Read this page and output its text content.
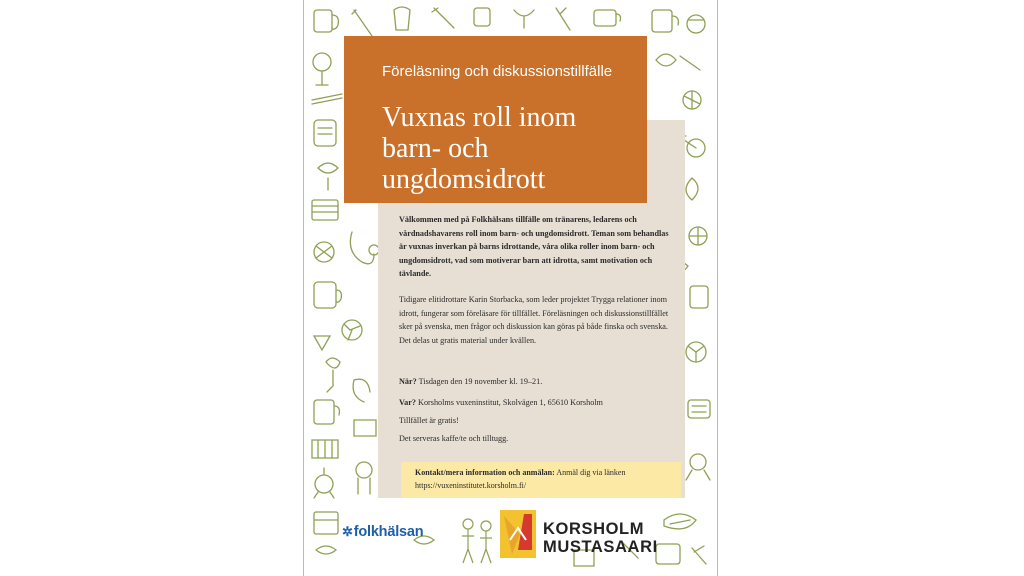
Föreläsning och diskussionstillfälle
Vuxnas roll inom barn- och ungdomsidrott
Välkommen med på Folkhälsans tillfälle om tränarens, ledarens och vårdnadshavarens roll inom barn- och ungdomsidrott. Teman som behandlas är vuxnas inverkan på barns idrottande, våra olika roller inom barn- och ungdomsidrott, vad som motiverar barn att idrotta, samt motivation och tävlande.
Tidigare elitidrottare Karin Storbacka, som leder projektet Trygga relationer inom idrott, fungerar som föreläsare för tillfället. Föreläsningen och diskussionstillfället sker på svenska, men frågor och diskussion kan göras på både finska och svenska. Det delas ut gratis material under kvällen.
När? Tisdagen den 19 november kl. 19–21.
Var? Korsholms vuxeninstitut, Skolvägen 1, 65610 Korsholm
Tillfället är gratis!
Det serveras kaffe/te och tilltugg.
Kontakt/mera information och anmälan: Anmäl dig via länken
https://vuxeninstitutet.korsholm.fi/
✲folkhälsan	KORSHOLM
MUSTASAARI
